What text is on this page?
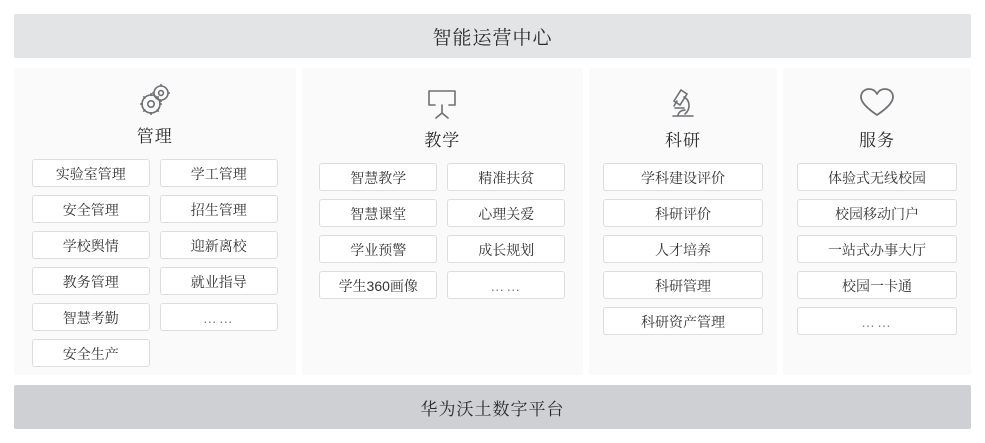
智能运营中心
管理
实验室管理	学工管理
安全管理	招生管理
学校舆情	迎新离校
教务管理	就业指导
智慧考勤	……
安全生产
教学
智慧教学	精准扶贫
智慧课堂	心理关爱
学业预警	成长规划
学生360画像	……
科研
学科建设评价
科研评价
人才培养
科研管理
科研资产管理
服务
体验式无线校园
校园移动门户
一站式办事大厅
校园一卡通
……
华为沃土数字平台
